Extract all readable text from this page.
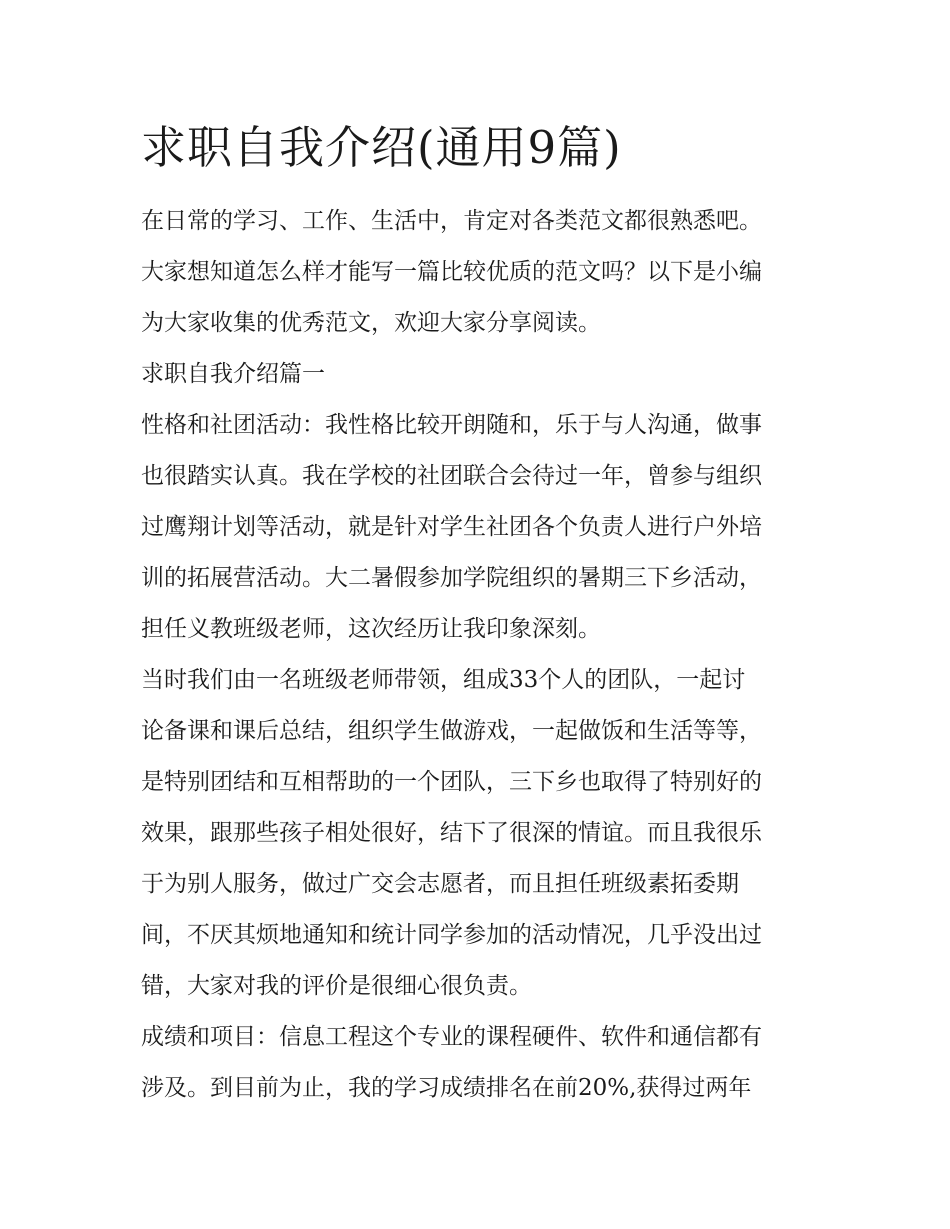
求职自我介绍(通用9篇)

在日常的学习、工作、生活中，肯定对各类范文都很熟悉吧。
大家想知道怎么样才能写一篇比较优质的范文吗？以下是小编
为大家收集的优秀范文，欢迎大家分享阅读。

求职自我介绍篇一

性格和社团活动：我性格比较开朗随和，乐于与人沟通，做事
也很踏实认真。我在学校的社团联合会待过一年，曾参与组织
过鹰翔计划等活动，就是针对学生社团各个负责人进行户外培
训的拓展营活动。大二暑假参加学院组织的暑期三下乡活动，
担任义教班级老师，这次经历让我印象深刻。

当时我们由一名班级老师带领，组成33个人的团队，一起讨
论备课和课后总结，组织学生做游戏，一起做饭和生活等等，
是特别团结和互相帮助的一个团队，三下乡也取得了特别好的
效果，跟那些孩子相处很好，结下了很深的情谊。而且我很乐
于为别人服务，做过广交会志愿者，而且担任班级素拓委期
间，不厌其烦地通知和统计同学参加的活动情况，几乎没出过
错，大家对我的评价是很细心很负责。

成绩和项目：信息工程这个专业的课程硬件、软件和通信都有
涉及。到目前为止，我的学习成绩排名在前20%,获得过两年
